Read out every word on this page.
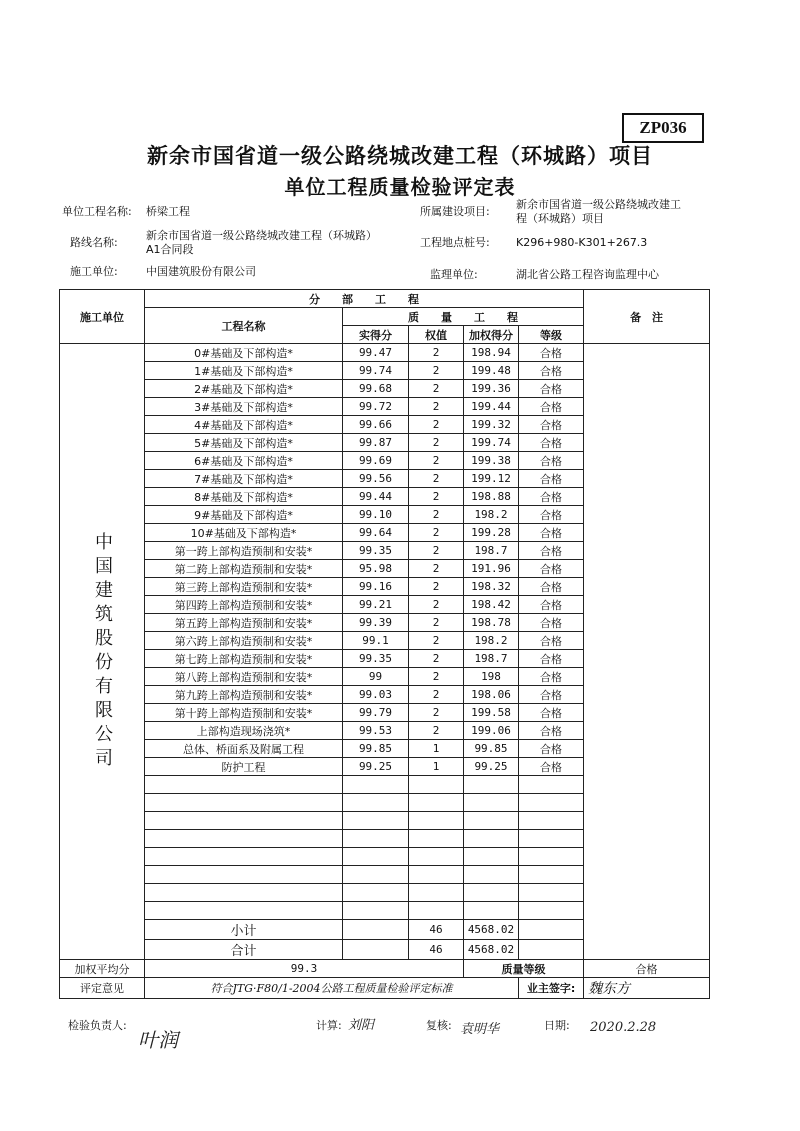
ZP036
新余市国省道一级公路绕城改建工程（环城路）项目
单位工程质量检验评定表
单位工程名称: 桥梁工程	所属建设项目:
新余市国省道一级公路绕城改建工
程（环城路）项目
路线名称:
新余市国省道一级公路绕城改建工程（环城路）
A1合同段
工程地点桩号: K296+980-K301+267.3
施工单位:	中国建筑股份有限公司	监理单位:	湖北省公路工程咨询监理中心
施工单位	分　　部　　工　　程					备　注
	工程名称	质　　量　　工　　程				
		实得分	权值	加权得分	等级	

中国建筑股份有限公司	0#基础及下部构造*	99.47	2	198.94	合格	
	1#基础及下部构造*	99.74	2	199.48	合格	
	2#基础及下部构造*	99.68	2	199.36	合格	
	3#基础及下部构造*	99.72	2	199.44	合格	
	4#基础及下部构造*	99.66	2	199.32	合格	
	5#基础及下部构造*	99.87	2	199.74	合格	
	6#基础及下部构造*	99.69	2	199.38	合格	
	7#基础及下部构造*	99.56	2	199.12	合格	
	8#基础及下部构造*	99.44	2	198.88	合格	
	9#基础及下部构造*	99.10	2	198.2	合格	
	10#基础及下部构造*	99.64	2	199.28	合格	
	第一跨上部构造预制和安装*	99.35	2	198.7	合格	
	第二跨上部构造预制和安装*	95.98	2	191.96	合格	
	第三跨上部构造预制和安装*	99.16	2	198.32	合格	
	第四跨上部构造预制和安装*	99.21	2	198.42	合格	
	第五跨上部构造预制和安装*	99.39	2	198.78	合格	
	第六跨上部构造预制和安装*	99.1	2	198.2	合格	
	第七跨上部构造预制和安装*	99.35	2	198.7	合格	
	第八跨上部构造预制和安装*	99	2	198	合格	
	第九跨上部构造预制和安装*	99.03	2	198.06	合格	
	第十跨上部构造预制和安装*	99.79	2	199.58	合格	
	上部构造现场浇筑*	99.53	2	199.06	合格	
	总体、桥面系及附属工程	99.85	1	99.85	合格	
	防护工程	99.25	1	99.25	合格	

	小计		46	4568.02		
	合计		46	4568.02		
加权平均分	99.3			质量等级		合格
评定意见	符合JTG·F80/1-2004公路工程质量检验评定标准				业主签字:	魏东方
检验负责人:
叶润
计算: 刘阳	复核: 袁明华	日期: 2020.2.28
